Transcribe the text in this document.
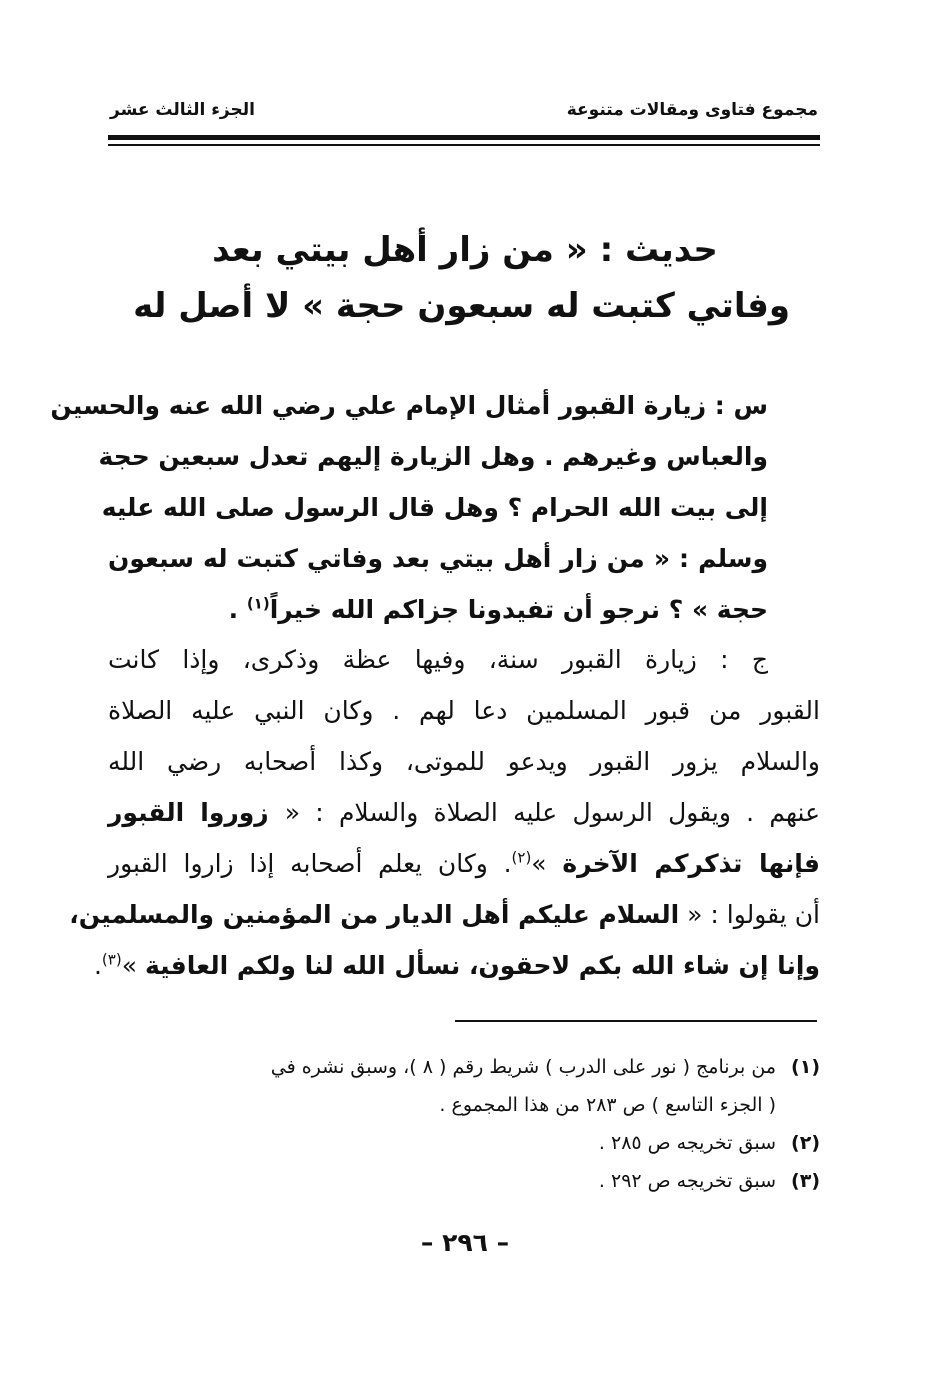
مجموع فتاوى ومقالات متنوعة
الجزء الثالث عشر
حديث : « من زار أهل بيتي بعد
وفاتي كتبت له سبعون حجة » لا أصل له
س : زيارة القبور أمثال الإمام علي رضي الله عنه والحسين
والعباس وغيرهم . وهل الزيارة إليهم تعدل سبعين حجة
إلى بيت الله الحرام ؟ وهل قال الرسول صلى الله عليه
وسلم : « من زار أهل بيتي بعد وفاتي كتبت له سبعون
حجة » ؟ نرجو أن تفيدونا جزاكم الله خيراً$^{(١)}$ .
ج : زيارة القبور سنة، وفيها عظة وذكرى، وإذا كانت
القبور من قبور المسلمين دعا لهم . وكان النبي عليه الصلاة
والسلام يزور القبور ويدعو للموتى، وكذا أصحابه رضي الله
عنهم . ويقول الرسول عليه الصلاة والسلام : « زوروا القبور
فإنها تذكركم الآخرة »$^{(٢)}$. وكان يعلم أصحابه إذا زاروا القبور
أن يقولوا : « السلام عليكم أهل الديار من المؤمنين والمسلمين،
وإنا إن شاء الله بكم لاحقون، نسأل الله لنا ولكم العافية »$^{(٣)}$.
(١)
من برنامج ( نور على الدرب ) شريط رقم ( ٨ )، وسبق نشره في
( الجزء التاسع ) ص ٢٨٣ من هذا المجموع .
(٢)
سبق تخريجه ص ٢٨٥ .
(٣)
سبق تخريجه ص ٢٩٢ .
– ٢٩٦ –
